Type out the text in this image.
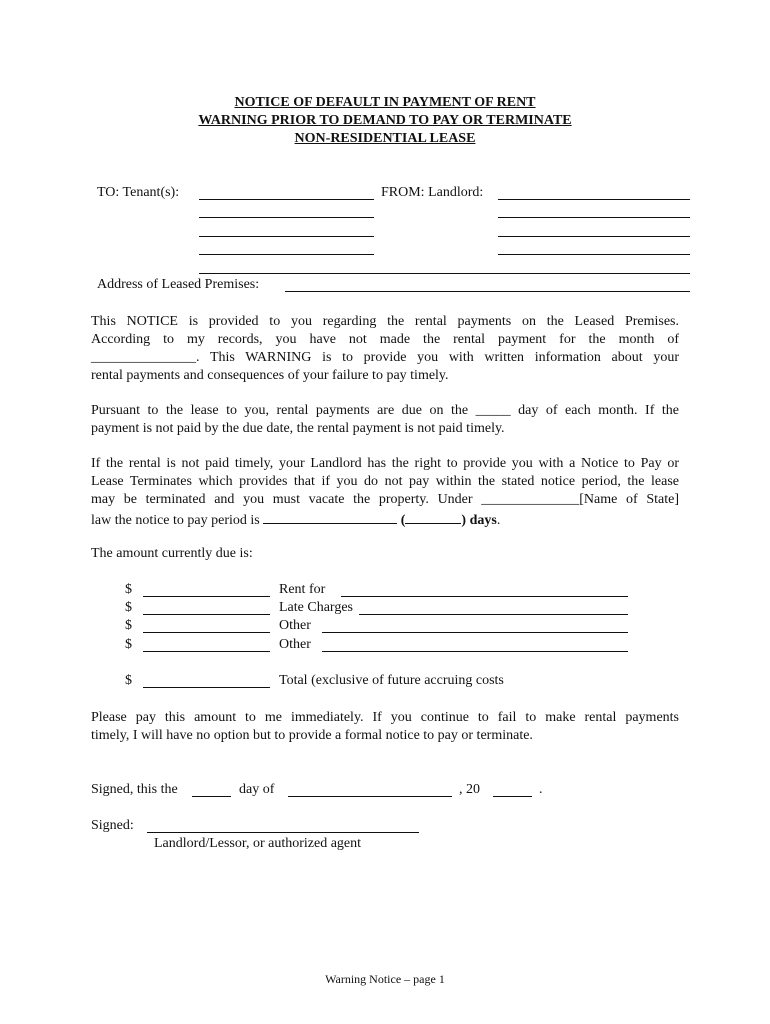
NOTICE OF DEFAULT IN PAYMENT OF RENT
WARNING PRIOR TO DEMAND TO PAY OR TERMINATE
NON-RESIDENTIAL LEASE
TO: Tenant(s):	FROM: Landlord:
Address of Leased Premises:
This NOTICE is provided to you regarding the rental payments on the Leased Premises.
According to my records, you have not made the rental payment for the month of
_______________. This WARNING is to provide you with written information about your
rental payments and consequences of your failure to pay timely.
Pursuant to the lease to you, rental payments are due on the _____ day of each month. If the
payment is not paid by the due date, the rental payment is not paid timely.
If the rental is not paid timely, your Landlord has the right to provide you with a Notice to Pay or
Lease Terminates which provides that if you do not pay within the stated notice period, the lease
may be terminated and you must vacate the property. Under ______________[Name of State]
law the notice to pay period is	(	) days.
The amount currently due is:
$	Rent for
$	Late Charges
$	Other
$	Other
$	Total (exclusive of future accruing costs
Please pay this amount to me immediately. If you continue to fail to make rental payments
timely, I will have no option but to provide a formal notice to pay or terminate.
Signed, this the	day of	, 20	.
Signed:
Landlord/Lessor, or authorized agent
Warning Notice – page 1
